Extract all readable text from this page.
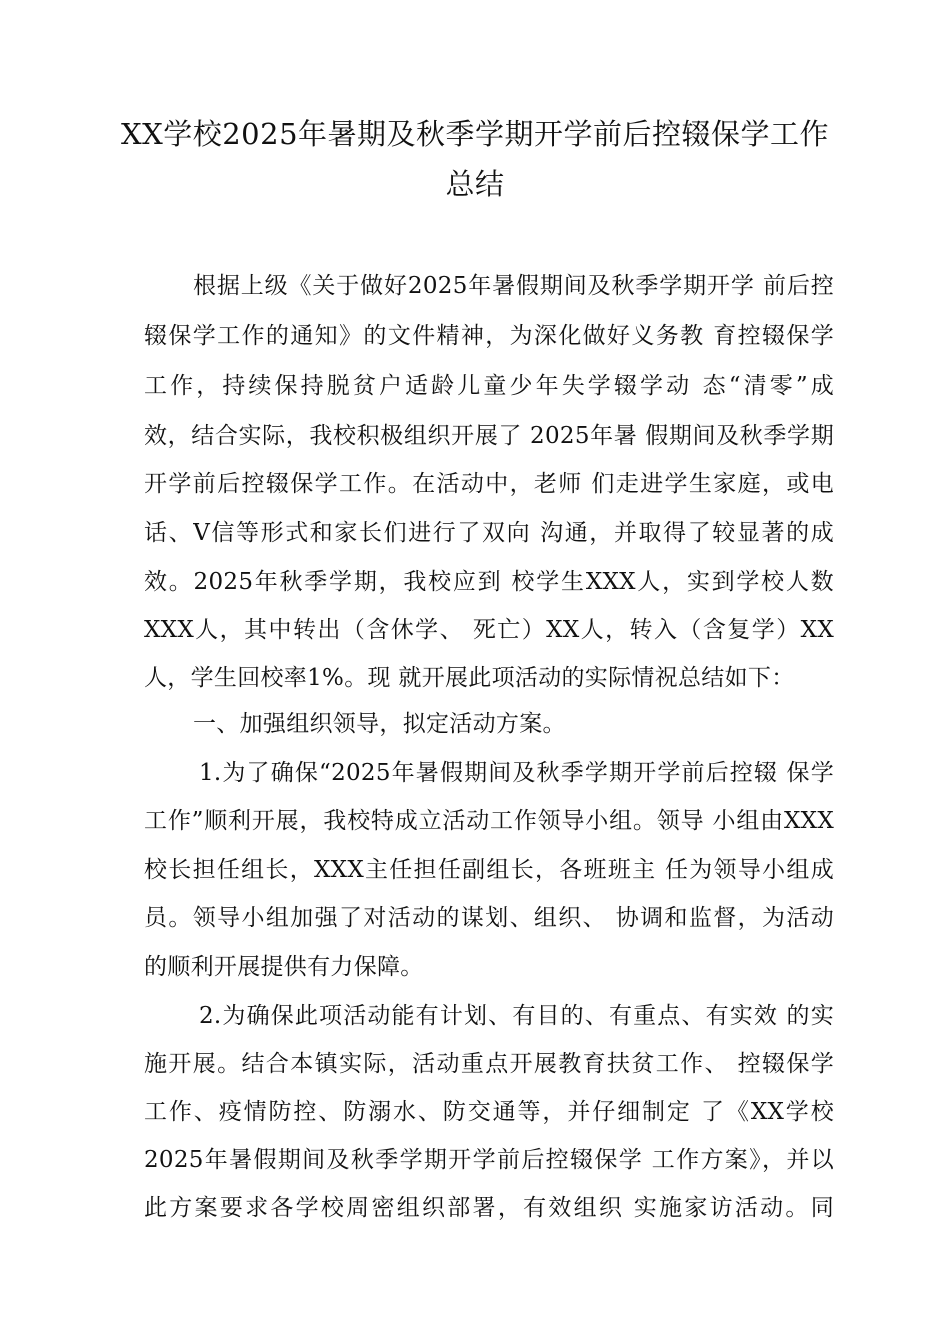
XX学校2025年暑期及秋季学期开学前后控辍保学工作
总结
根据上级《关于做好2025年暑假期间及秋季学期开学 前后控
辍保学工作的通知》的文件精神，为深化做好义务教 育控辍保学
工作，持续保持脱贫户适龄儿童少年失学辍学动 态“清零”成
效，结合实际，我校积极组织开展了 2025年暑 假期间及秋季学期
开学前后控辍保学工作。在活动中，老师 们走进学生家庭，或电
话、V信等形式和家长们进行了双向 沟通，并取得了较显著的成
效。2025年秋季学期，我校应到 校学生XXX人，实到学校人数
XXX人，其中转出（含休学、 死亡）XX人，转入（含复学）XX
人，学生回校率1%。现 就开展此项活动的实际情祝总结如下：
一、加强组织领导，拟定活动方案。
1.为了确保“2025年暑假期间及秋季学期开学前后控辍 保学
工作”顺利开展，我校特成立活动工作领导小组。领导 小组由XXX
校长担任组长，XXX主任担任副组长，各班班主 任为领导小组成
员。领导小组加强了对活动的谋划、组织、 协调和监督，为活动
的顺利开展提供有力保障。
2.为确保此项活动能有计划、有目的、有重点、有实效 的实
施开展。结合本镇实际，活动重点开展教育扶贫工作、 控辍保学
工作、疫情防控、防溺水、防交通等，并仔细制定 了《XX学校
2025年暑假期间及秋季学期开学前后控辍保学 工作方案》，并以
此方案要求各学校周密组织部署，有效组织 实施家访活动。同
